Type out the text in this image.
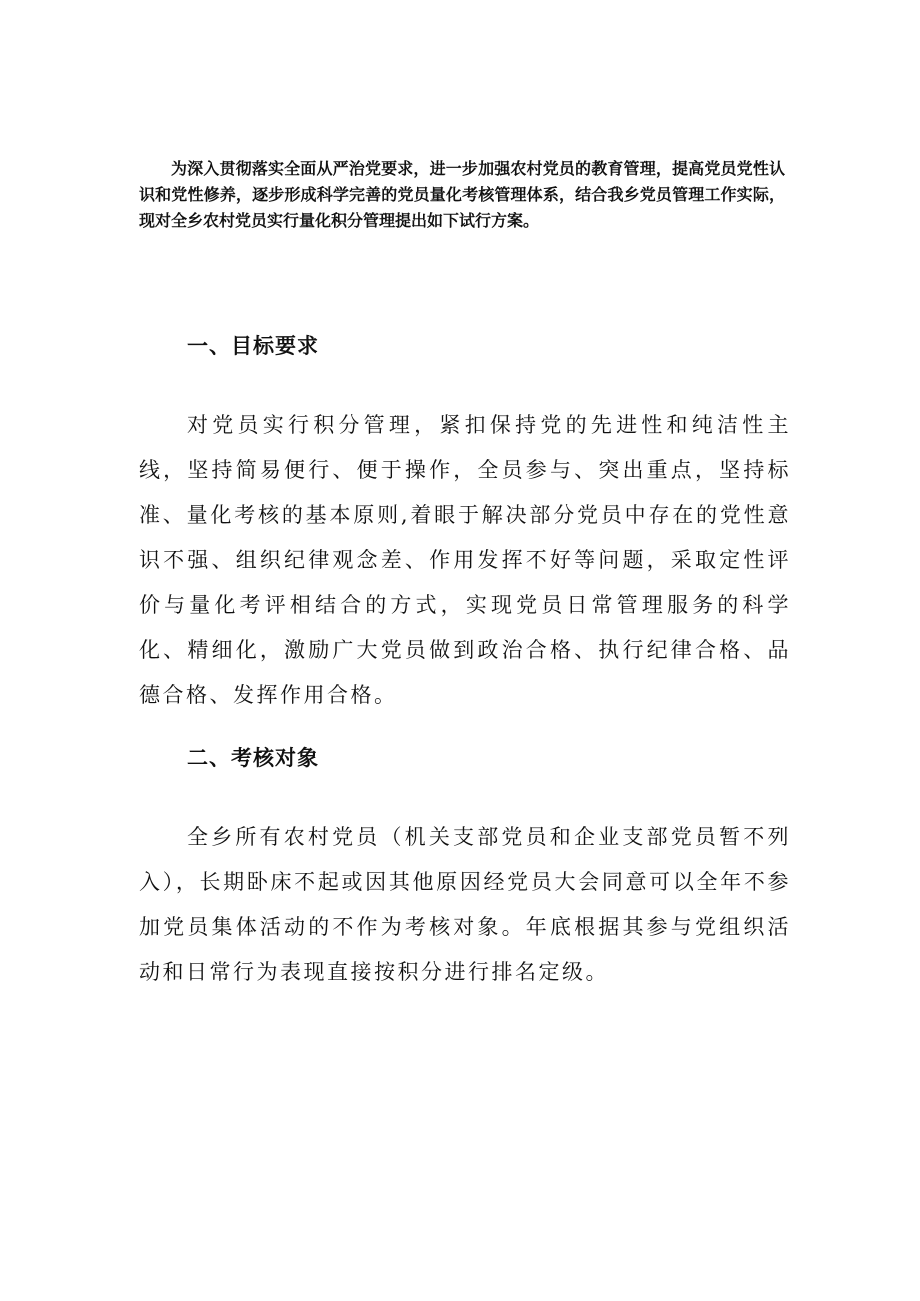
为深入贯彻落实全面从严治党要求，进一步加强农村党员的教育管理，提高党员党性认识和党性修养，逐步形成科学完善的党员量化考核管理体系，结合我乡党员管理工作实际，现对全乡农村党员实行量化积分管理提出如下试行方案。

一、目标要求

对党员实行积分管理，紧扣保持党的先进性和纯洁性主线，坚持简易便行、便于操作，全员参与、突出重点，坚持标准、量化考核的基本原则,着眼于解决部分党员中存在的党性意识不强、组织纪律观念差、作用发挥不好等问题，采取定性评价与量化考评相结合的方式，实现党员日常管理服务的科学化、精细化，激励广大党员做到政治合格、执行纪律合格、品德合格、发挥作用合格。

二、考核对象

全乡所有农村党员（机关支部党员和企业支部党员暂不列入），长期卧床不起或因其他原因经党员大会同意可以全年不参加党员集体活动的不作为考核对象。年底根据其参与党组织活动和日常行为表现直接按积分进行排名定级。
